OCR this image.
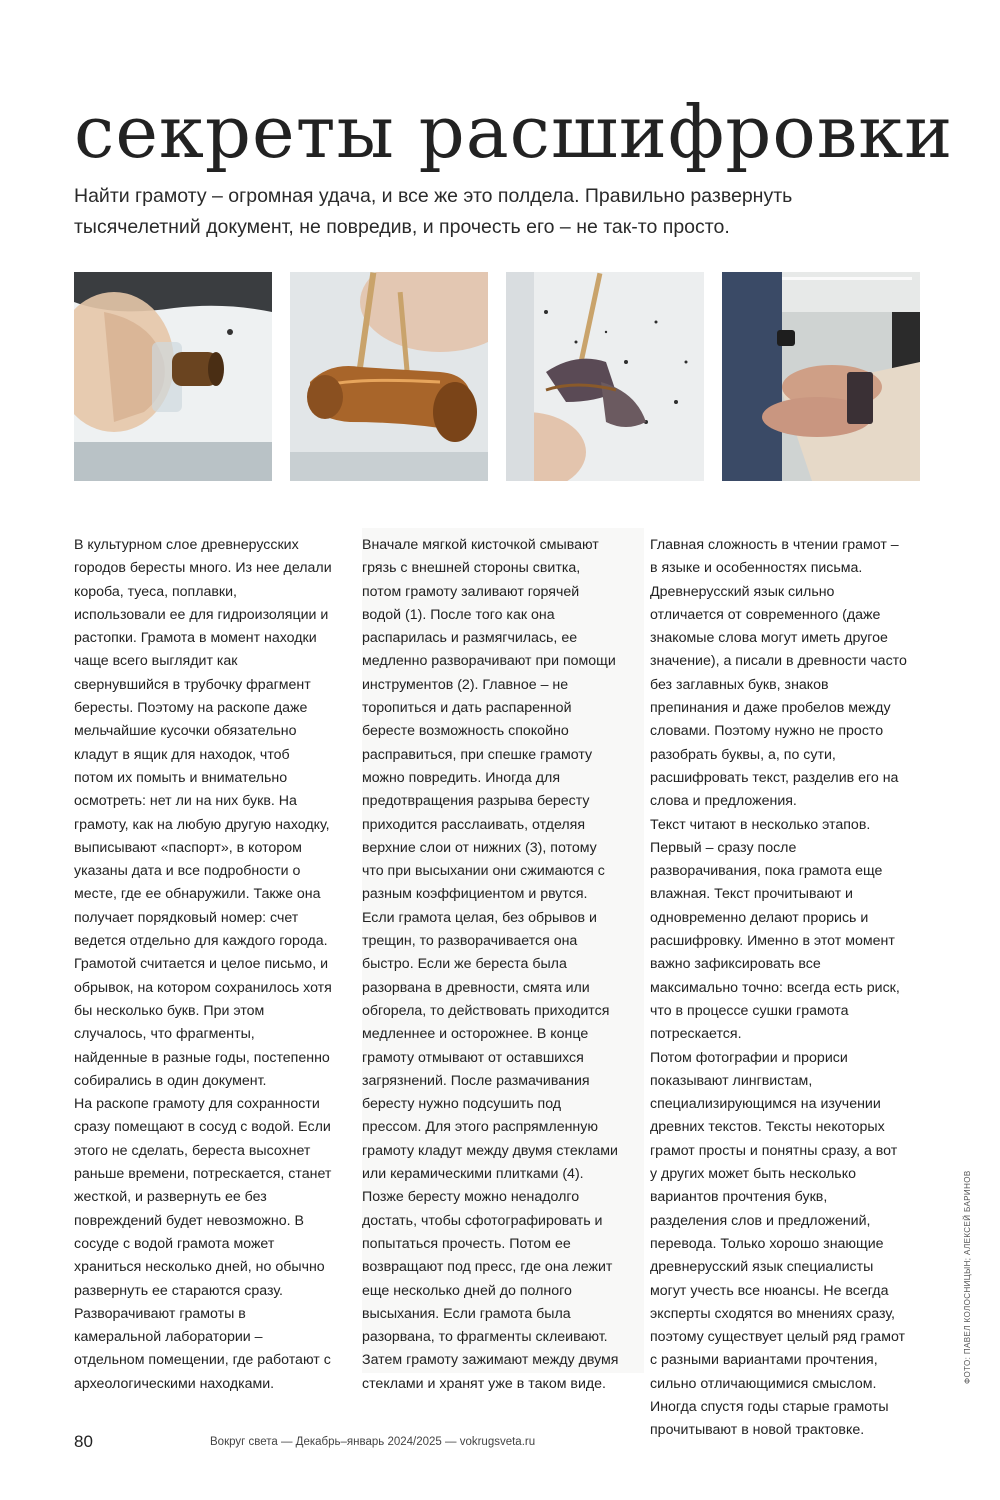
секреты расшифровки

Найти грамоту – огромная удача, и все же это полдела. Правильно развернуть тысячелетний документ, не повредив, и прочесть его – не так-то просто.

В культурном слое древнерусских городов бересты много. Из нее делали короба, туеса, поплавки, использовали ее для гидроизоляции и растопки. Грамота в момент находки чаще всего выглядит как свернувшийся в трубочку фрагмент бересты. Поэтому на раскопе даже мельчайшие кусочки обязательно кладут в ящик для находок, чтоб потом их помыть и внимательно осмотреть: нет ли на них букв. На грамоту, как на любую другую находку, выписывают «паспорт», в котором указаны дата и все подробности о месте, где ее обнаружили. Также она получает порядковый номер: счет ведется отдельно для каждого города. Грамотой считается и целое письмо, и обрывок, на котором сохранилось хотя бы несколько букв. При этом случалось, что фрагменты, найденные в разные годы, постепенно собирались в один документ.

На раскопе грамоту для сохранности сразу помещают в сосуд с водой. Если этого не сделать, береста высохнет раньше времени, потрескается, станет жесткой, и развернуть ее без повреждений будет невозможно. В сосуде с водой грамота может храниться несколько дней, но обычно развернуть ее стараются сразу.

Разворачивают грамоты в камеральной лаборатории – отдельном помещении, где работают с археологическими находками.

Вначале мягкой кисточкой смывают грязь с внешней стороны свитка, потом грамоту заливают горячей водой (1). После того как она распарилась и размягчилась, ее медленно разворачивают при помощи инструментов (2). Главное – не торопиться и дать распаренной бересте возможность спокойно расправиться, при спешке грамоту можно повредить. Иногда для предотвращения разрыва бересту приходится расслаивать, отделяя верхние слои от нижних (3), потому что при высыхании они сжимаются с разным коэффициентом и рвутся. Если грамота целая, без обрывов и трещин, то разворачивается она быстро. Если же береста была разорвана в древности, смята или обгорела, то действовать приходится медленнее и осторожнее. В конце грамоту отмывают от оставшихся загрязнений. После размачивания бересту нужно подсушить под прессом. Для этого распрямленную грамоту кладут между двумя стеклами или керамическими плитками (4).

Позже бересту можно ненадолго достать, чтобы сфотографировать и попытаться прочесть. Потом ее возвращают под пресс, где она лежит еще несколько дней до полного высыхания. Если грамота была разорвана, то фрагменты склеивают. Затем грамоту зажимают между двумя стеклами и хранят уже в таком виде.

Главная сложность в чтении грамот – в языке и особенностях письма. Древнерусский язык сильно отличается от современного (даже знакомые слова могут иметь другое значение), а писали в древности часто без заглавных букв, знаков препинания и даже пробелов между словами. Поэтому нужно не просто разобрать буквы, а, по сути, расшифровать текст, разделив его на слова и предложения.

Текст читают в несколько этапов. Первый – сразу после разворачивания, пока грамота еще влажная. Текст прочитывают и одновременно делают прорись и расшифровку. Именно в этот момент важно зафиксировать все максимально точно: всегда есть риск, что в процессе сушки грамота потрескается.

Потом фотографии и прориси показывают лингвистам, специализирующимся на изучении древних текстов. Тексты некоторых грамот просты и понятны сразу, а вот у других может быть несколько вариантов прочтения букв, разделения слов и предложений, перевода. Только хорошо знающие древнерусский язык специалисты могут учесть все нюансы. Не всегда эксперты сходятся во мнениях сразу, поэтому существует целый ряд грамот с разными вариантами прочтения, сильно отличающимися смыслом. Иногда спустя годы старые грамоты прочитывают в новой трактовке.

ФОТО: ПАВЕЛ КОЛОСНИЦЫН; АЛЕКСЕЙ БАРИНОВ
80	Вокруг света — Декабрь–январь 2024/2025 — vokrugsveta.ru
